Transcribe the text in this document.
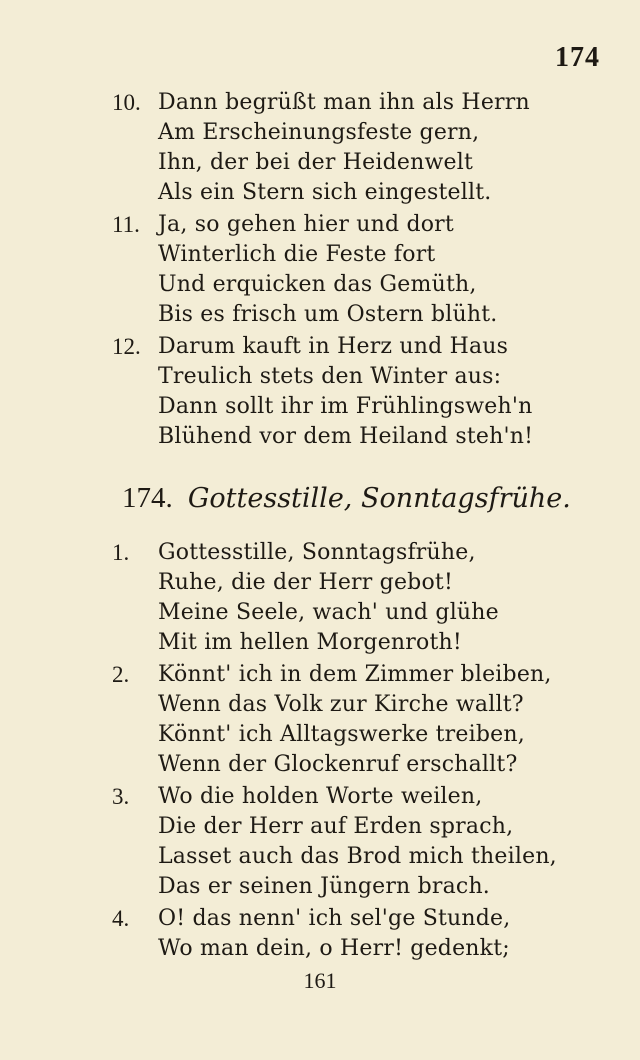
174
10. Dann begrüßt man ihn als Herrn
Am Erscheinungsfeste gern,
Ihn, der bei der Heidenwelt
Als ein Stern sich eingestellt.
11. Ja, so gehen hier und dort
Winterlich die Feste fort
Und erquicken das Gemüth,
Bis es frisch um Ostern blüht.
12. Darum kauft in Herz und Haus
Treulich stets den Winter aus:
Dann sollt ihr im Frühlingsweh'n
Blühend vor dem Heiland steh'n!
174. Gottesstille, Sonntagsfrühe.
1.	Gottesstille, Sonntagsfrühe,
Ruhe, die der Herr gebot!
Meine Seele, wach' und glühe
Mit im hellen Morgenroth!
2.	Könnt' ich in dem Zimmer bleiben,
Wenn das Volk zur Kirche wallt?
Könnt' ich Alltagswerke treiben,
Wenn der Glockenruf erschallt?
3.	Wo die holden Worte weilen,
Die der Herr auf Erden sprach,
Lasset auch das Brod mich theilen,
Das er seinen Jüngern brach.
4.	O! das nenn' ich sel'ge Stunde,
Wo man dein, o Herr! gedenkt;
161
